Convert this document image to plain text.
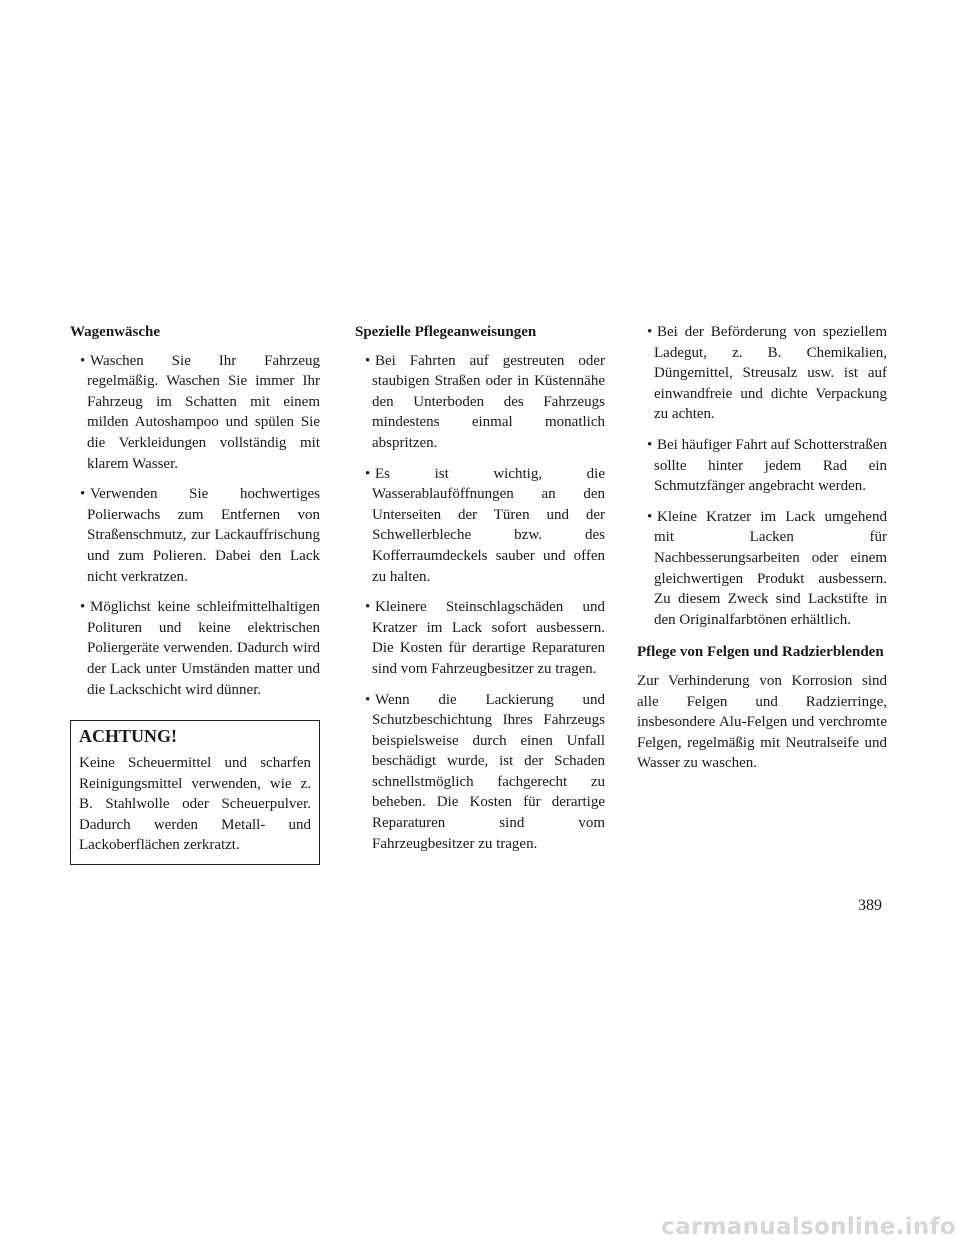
Wagenwäsche
• Waschen Sie Ihr Fahrzeug regelmäßig. Waschen Sie immer Ihr Fahrzeug im Schatten mit einem milden Autoshampoo und spülen Sie die Verkleidungen vollständig mit klarem Wasser.
• Verwenden Sie hochwertiges Polierwachs zum Entfernen von Straßenschmutz, zur Lackauffrischung und zum Polieren. Dabei den Lack nicht verkratzen.
• Möglichst keine schleifmittelhaltigen Polituren und keine elektrischen Poliergeräte verwenden. Dadurch wird der Lack unter Umständen matter und die Lackschicht wird dünner.
ACHTUNG!

Keine Scheuermittel und scharfen Reinigungsmittel verwenden, wie z. B. Stahlwolle oder Scheuerpulver. Dadurch werden Metall- und Lackoberflächen zerkratzt.

Spezielle Pflegeanweisungen
• Bei Fahrten auf gestreuten oder staubigen Straßen oder in Küstennähe den Unterboden des Fahrzeugs mindestens einmal monatlich abspritzen.
• Es ist wichtig, die Wasserablauföffnungen an den Unterseiten der Türen und der Schwellerbleche bzw. des Kofferraumdeckels sauber und offen zu halten.
• Kleinere Steinschlagschäden und Kratzer im Lack sofort ausbessern. Die Kosten für derartige Reparaturen sind vom Fahrzeugbesitzer zu tragen.
• Wenn die Lackierung und Schutzbeschichtung Ihres Fahrzeugs beispielsweise durch einen Unfall beschädigt wurde, ist der Schaden schnellstmöglich fachgerecht zu beheben. Die Kosten für derartige Reparaturen sind vom Fahrzeugbesitzer zu tragen.
• Bei der Beförderung von speziellem Ladegut, z. B. Chemikalien, Düngemittel, Streusalz usw. ist auf einwandfreie und dichte Verpackung zu achten.
• Bei häufiger Fahrt auf Schotterstraßen sollte hinter jedem Rad ein Schmutzfänger angebracht werden.
• Kleine Kratzer im Lack umgehend mit Lacken für Nachbesserungsarbeiten oder einem gleichwertigen Produkt ausbessern. Zu diesem Zweck sind Lackstifte in den Originalfarbtönen erhältlich.
Pflege von Felgen und Radzierblenden

Zur Verhinderung von Korrosion sind alle Felgen und Radzierringe, insbesondere Alu-Felgen und verchromte Felgen, regelmäßig mit Neutralseife und Wasser zu waschen.

389
carmanualsonline.info
